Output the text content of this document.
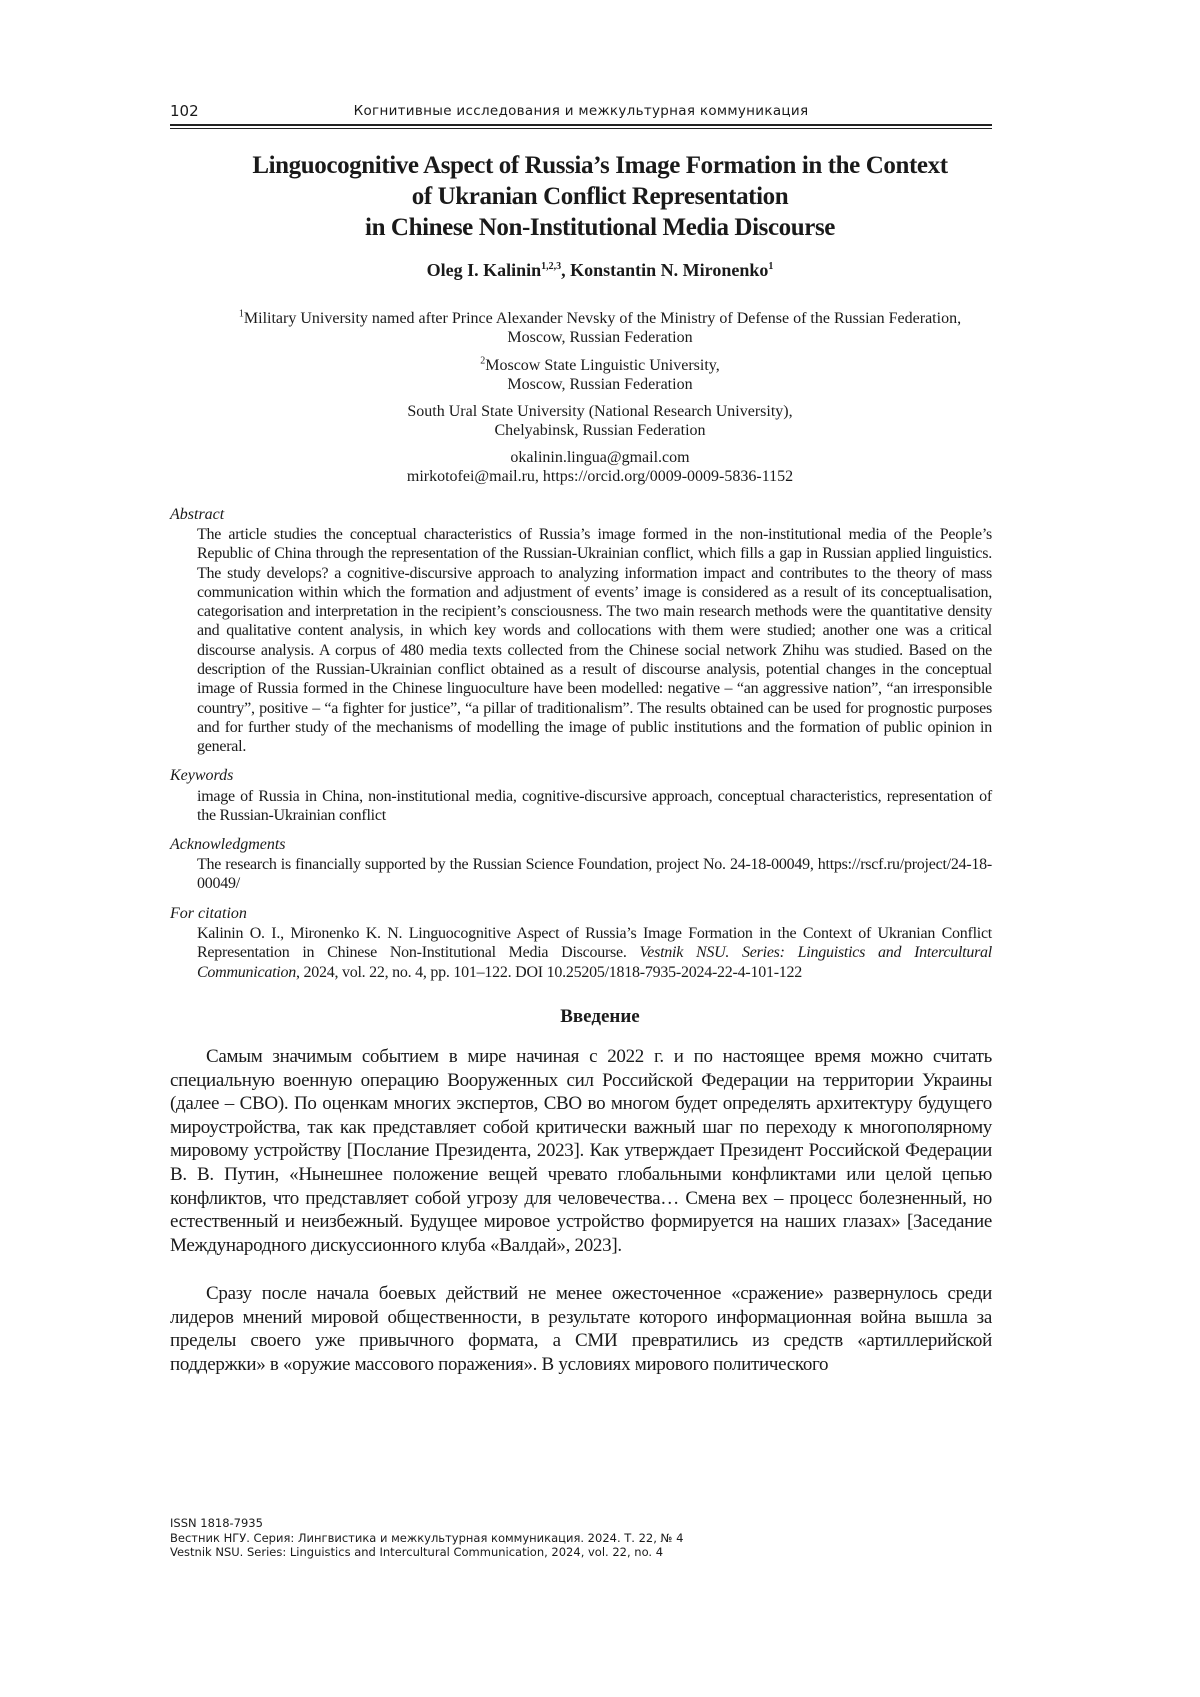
102	Когнитивные исследования и межкультурная коммуникация
Linguocognitive Aspect of Russia’s Image Formation in the Context
of Ukranian Conflict Representation
in Chinese Non-Institutional Media Discourse
Oleg I. Kalinin1,2,3, Konstantin N. Mironenko1
1Military University named after Prince Alexander Nevsky of the Ministry of Defense of the Russian Federation,
Moscow, Russian Federation
2Moscow State Linguistic University,
Moscow, Russian Federation
South Ural State University (National Research University),
Chelyabinsk, Russian Federation
okalinin.lingua@gmail.com
mirkotofei@mail.ru, https://orcid.org/0009-0009-5836-1152
Abstract
The article studies the conceptual characteristics of Russia’s image formed in the non-institutional media of the People’s Republic of China through the representation of the Russian-Ukrainian conflict, which fills a gap in Russian applied linguistics. The study develops? a cognitive-discursive approach to analyzing information impact and contributes to the theory of mass communication within which the formation and adjustment of events’ image is considered as a result of its conceptualisation, categorisation and interpretation in the recipient’s consciousness. The two main research methods were the quantitative density and qualitative content analysis, in which key words and collocations with them were studied; another one was a critical discourse analysis. A corpus of 480 media texts collected from the Chinese social network Zhihu was studied. Based on the description of the Russian-Ukrainian conflict obtained as a result of discourse analysis, potential changes in the conceptual image of Russia formed in the Chinese linguoculture have been modelled: negative – “an aggressive nation”, “an irresponsible country”, positive – “a fighter for justice”, “a pillar of traditional­ism”. The results obtained can be used for prognostic purposes and for further study of the mechanisms of modelling the image of public institutions and the formation of public opinion in general.
Keywords
image of Russia in China, non-institutional media, cognitive-discursive approach, conceptual characteristics, represen­tation of the Russian-Ukrainian conflict
Acknowledgments
The research is financially supported by the Russian Science Foundation, project No. 24-18-00049, https://rscf.ru/proj­ect/24-18-00049/
For citation
Kalinin O. I., Mironenko K. N. Linguocognitive Aspect of Russia’s Image Formation in the Context of Ukranian Con­flict Representation in Chinese Non-Institutional Media Discourse. Vestnik NSU. Series: Linguistics and Intercultural Communication, 2024, vol. 22, no. 4, pp. 101–122. DOI 10.25205/1818-7935-2024-22-4-101-122
Введение
Самым значимым событием в мире начиная с 2022 г. и по настоящее время можно считать специальную военную операцию Вооруженных сил Российской Федерации на территории Украины (далее – СВО). По оценкам многих экспертов, СВО во многом будет определять архи­тектуру будущего мироустройства, так как представляет собой критически важный шаг по пе­реходу к многополярному мировому устройству [Послание Президента, 2023]. Как утверждает Президент Российской Федерации В. В. Путин, «Нынешнее положение вещей чревато гло­бальными конфликтами или целой цепью конфликтов, что представляет собой угрозу для че­ловечества… Смена вех – процесс болезненный, но естественный и неизбежный. Будущее ми­ровое устройство формируется на наших глазах» [Заседание Международного дискуссионного клуба «Валдай», 2023].
Сразу после начала боевых действий не менее ожесточенное «сражение» развернулось среди лидеров мнений мировой общественности, в результате которого информационная вой­на вышла за пределы своего уже привычного формата, а СМИ превратились из средств «артил­лерийской поддержки» в «оружие массового поражения». В условиях мирового политического
ISSN 1818-7935
Вестник НГУ. Серия: Лингвистика и межкультурная коммуникация. 2024. Т. 22, № 4
Vestnik NSU. Series: Linguistics and Intercultural Communication, 2024, vol. 22, no. 4
